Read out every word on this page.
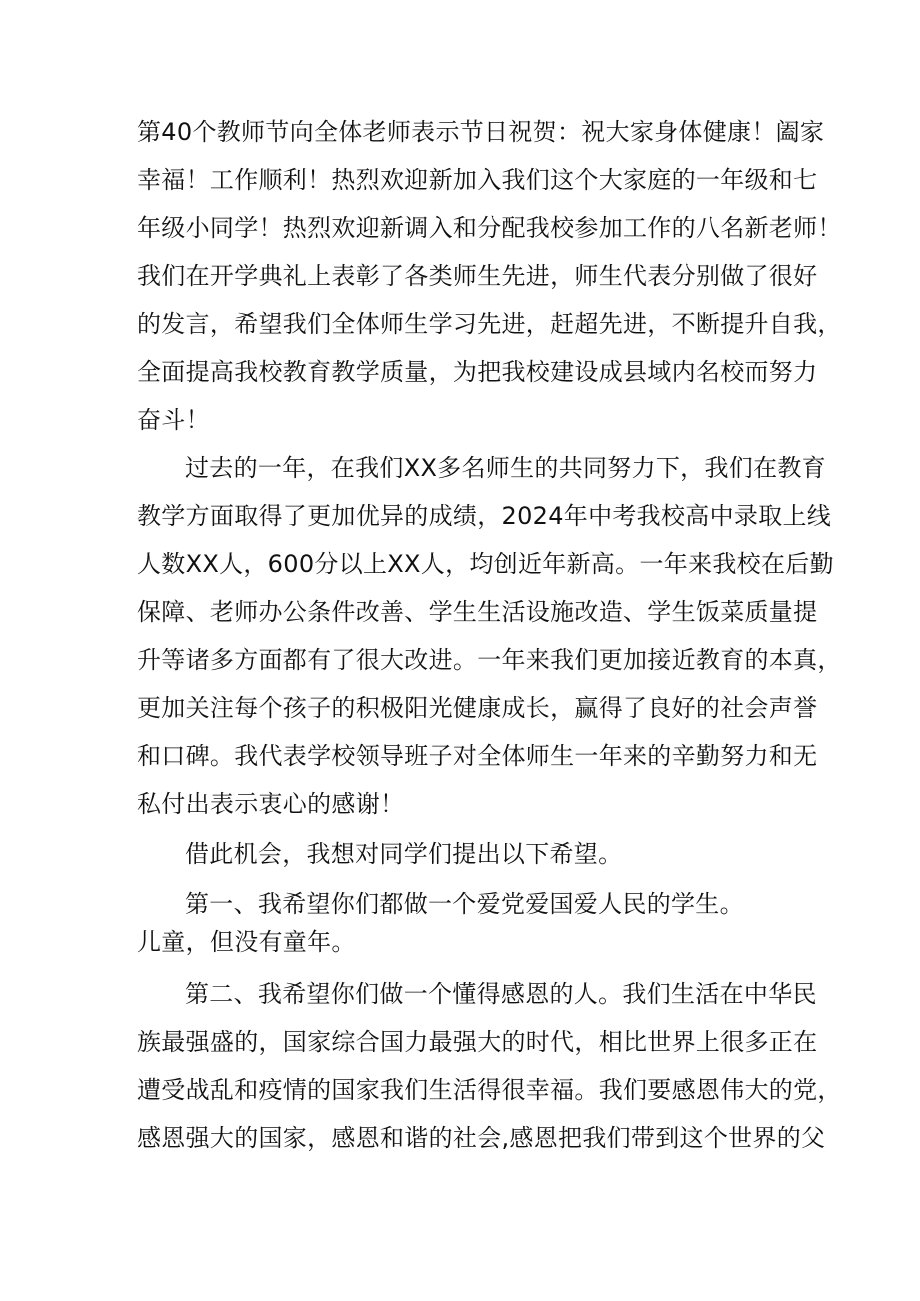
第40个教师节向全体老师表示节日祝贺：祝大家身体健康！阖家
幸福！工作顺利！热烈欢迎新加入我们这个大家庭的一年级和七
年级小同学！热烈欢迎新调入和分配我校参加工作的八名新老师！
我们在开学典礼上表彰了各类师生先进，师生代表分别做了很好
的发言，希望我们全体师生学习先进，赶超先进，不断提升自我，
全面提高我校教育教学质量，为把我校建设成县域内名校而努力
奋斗！
过去的一年，在我们XX多名师生的共同努力下，我们在教育
教学方面取得了更加优异的成绩，2024年中考我校高中录取上线
人数XX人，600分以上XX人，均创近年新高。一年来我校在后勤
保障、老师办公条件改善、学生生活设施改造、学生饭菜质量提
升等诸多方面都有了很大改进。一年来我们更加接近教育的本真，
更加关注每个孩子的积极阳光健康成长，赢得了良好的社会声誉
和口碑。我代表学校领导班子对全体师生一年来的辛勤努力和无
私付出表示衷心的感谢！
借此机会，我想对同学们提出以下希望。
第一、我希望你们都做一个爱党爱国爱人民的学生。
儿童，但没有童年。
第二、我希望你们做一个懂得感恩的人。我们生活在中华民
族最强盛的，国家综合国力最强大的时代，相比世界上很多正在
遭受战乱和疫情的国家我们生活得很幸福。我们要感恩伟大的党，
感恩强大的国家，感恩和谐的社会,感恩把我们带到这个世界的父
